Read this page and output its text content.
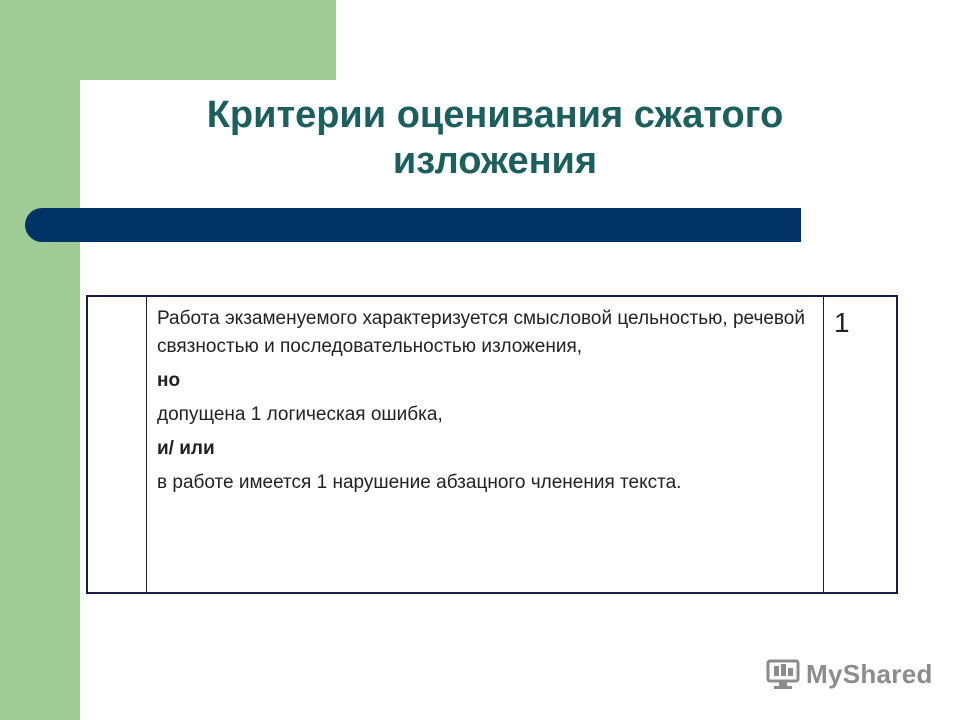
Критерии оценивания сжатого
изложения

Работа экзаменуемого характеризуется смысловой цельностью, речевой связностью и последовательностью изложения,

но

допущена 1 логическая ошибка,

и/ или

в работе имеется 1 нарушение абзацного членения текста.

1
MyShared
